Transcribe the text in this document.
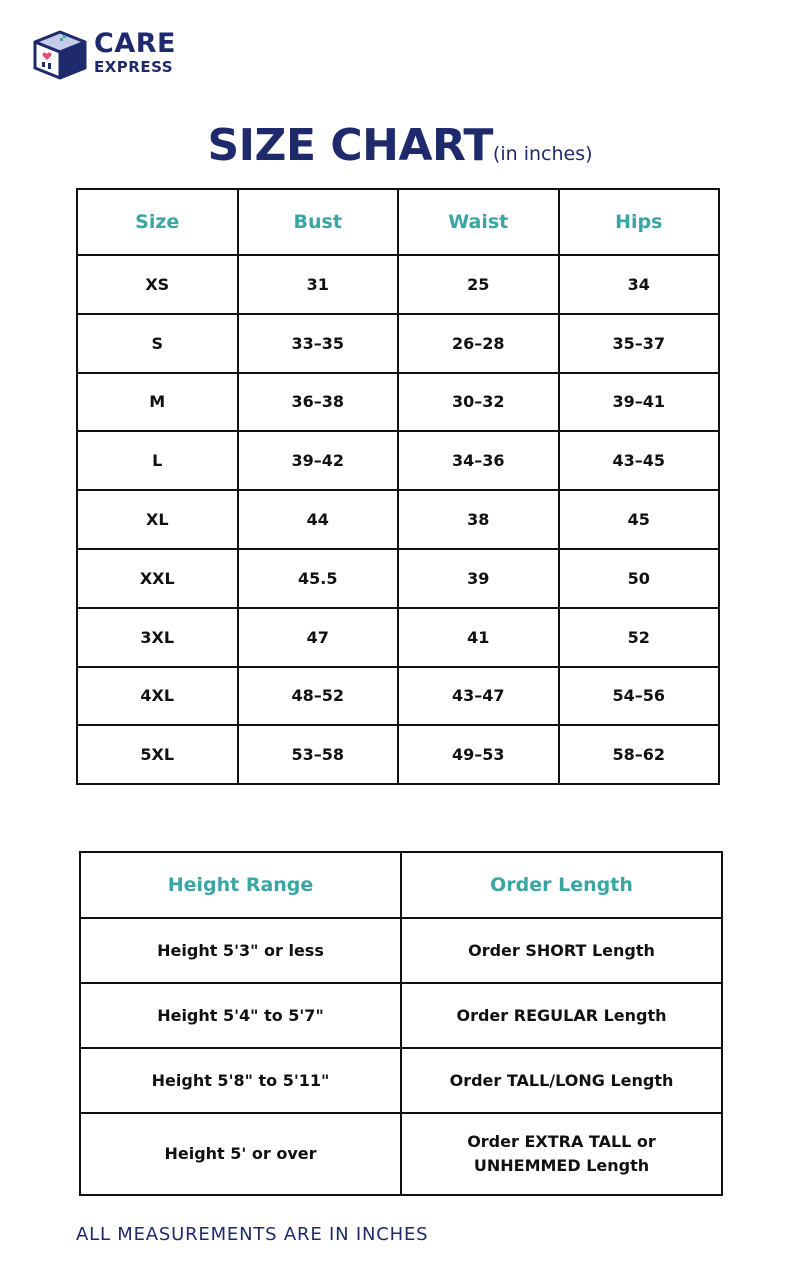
CARE
EXPRESS
SIZE CHART(in inches)
Size	Bust	Waist	Hips
XS	31	25	34
S	33–35	26–28	35–37
M	36–38	30–32	39–41
L	39–42	34–36	43–45
XL	44	38	45
XXL	45.5	39	50
3XL	47	41	52
4XL	48–52	43–47	54–56
5XL	53–58	49–53	58–62
Height Range	Order Length
Height 5'3" or less	Order SHORT Length
Height 5'4" to 5'7"	Order REGULAR Length
Height 5'8" to 5'11"	Order TALL/LONG Length
Height 5' or over	Order EXTRA TALL or UNHEMMED Length
ALL MEASUREMENTS ARE IN INCHES
